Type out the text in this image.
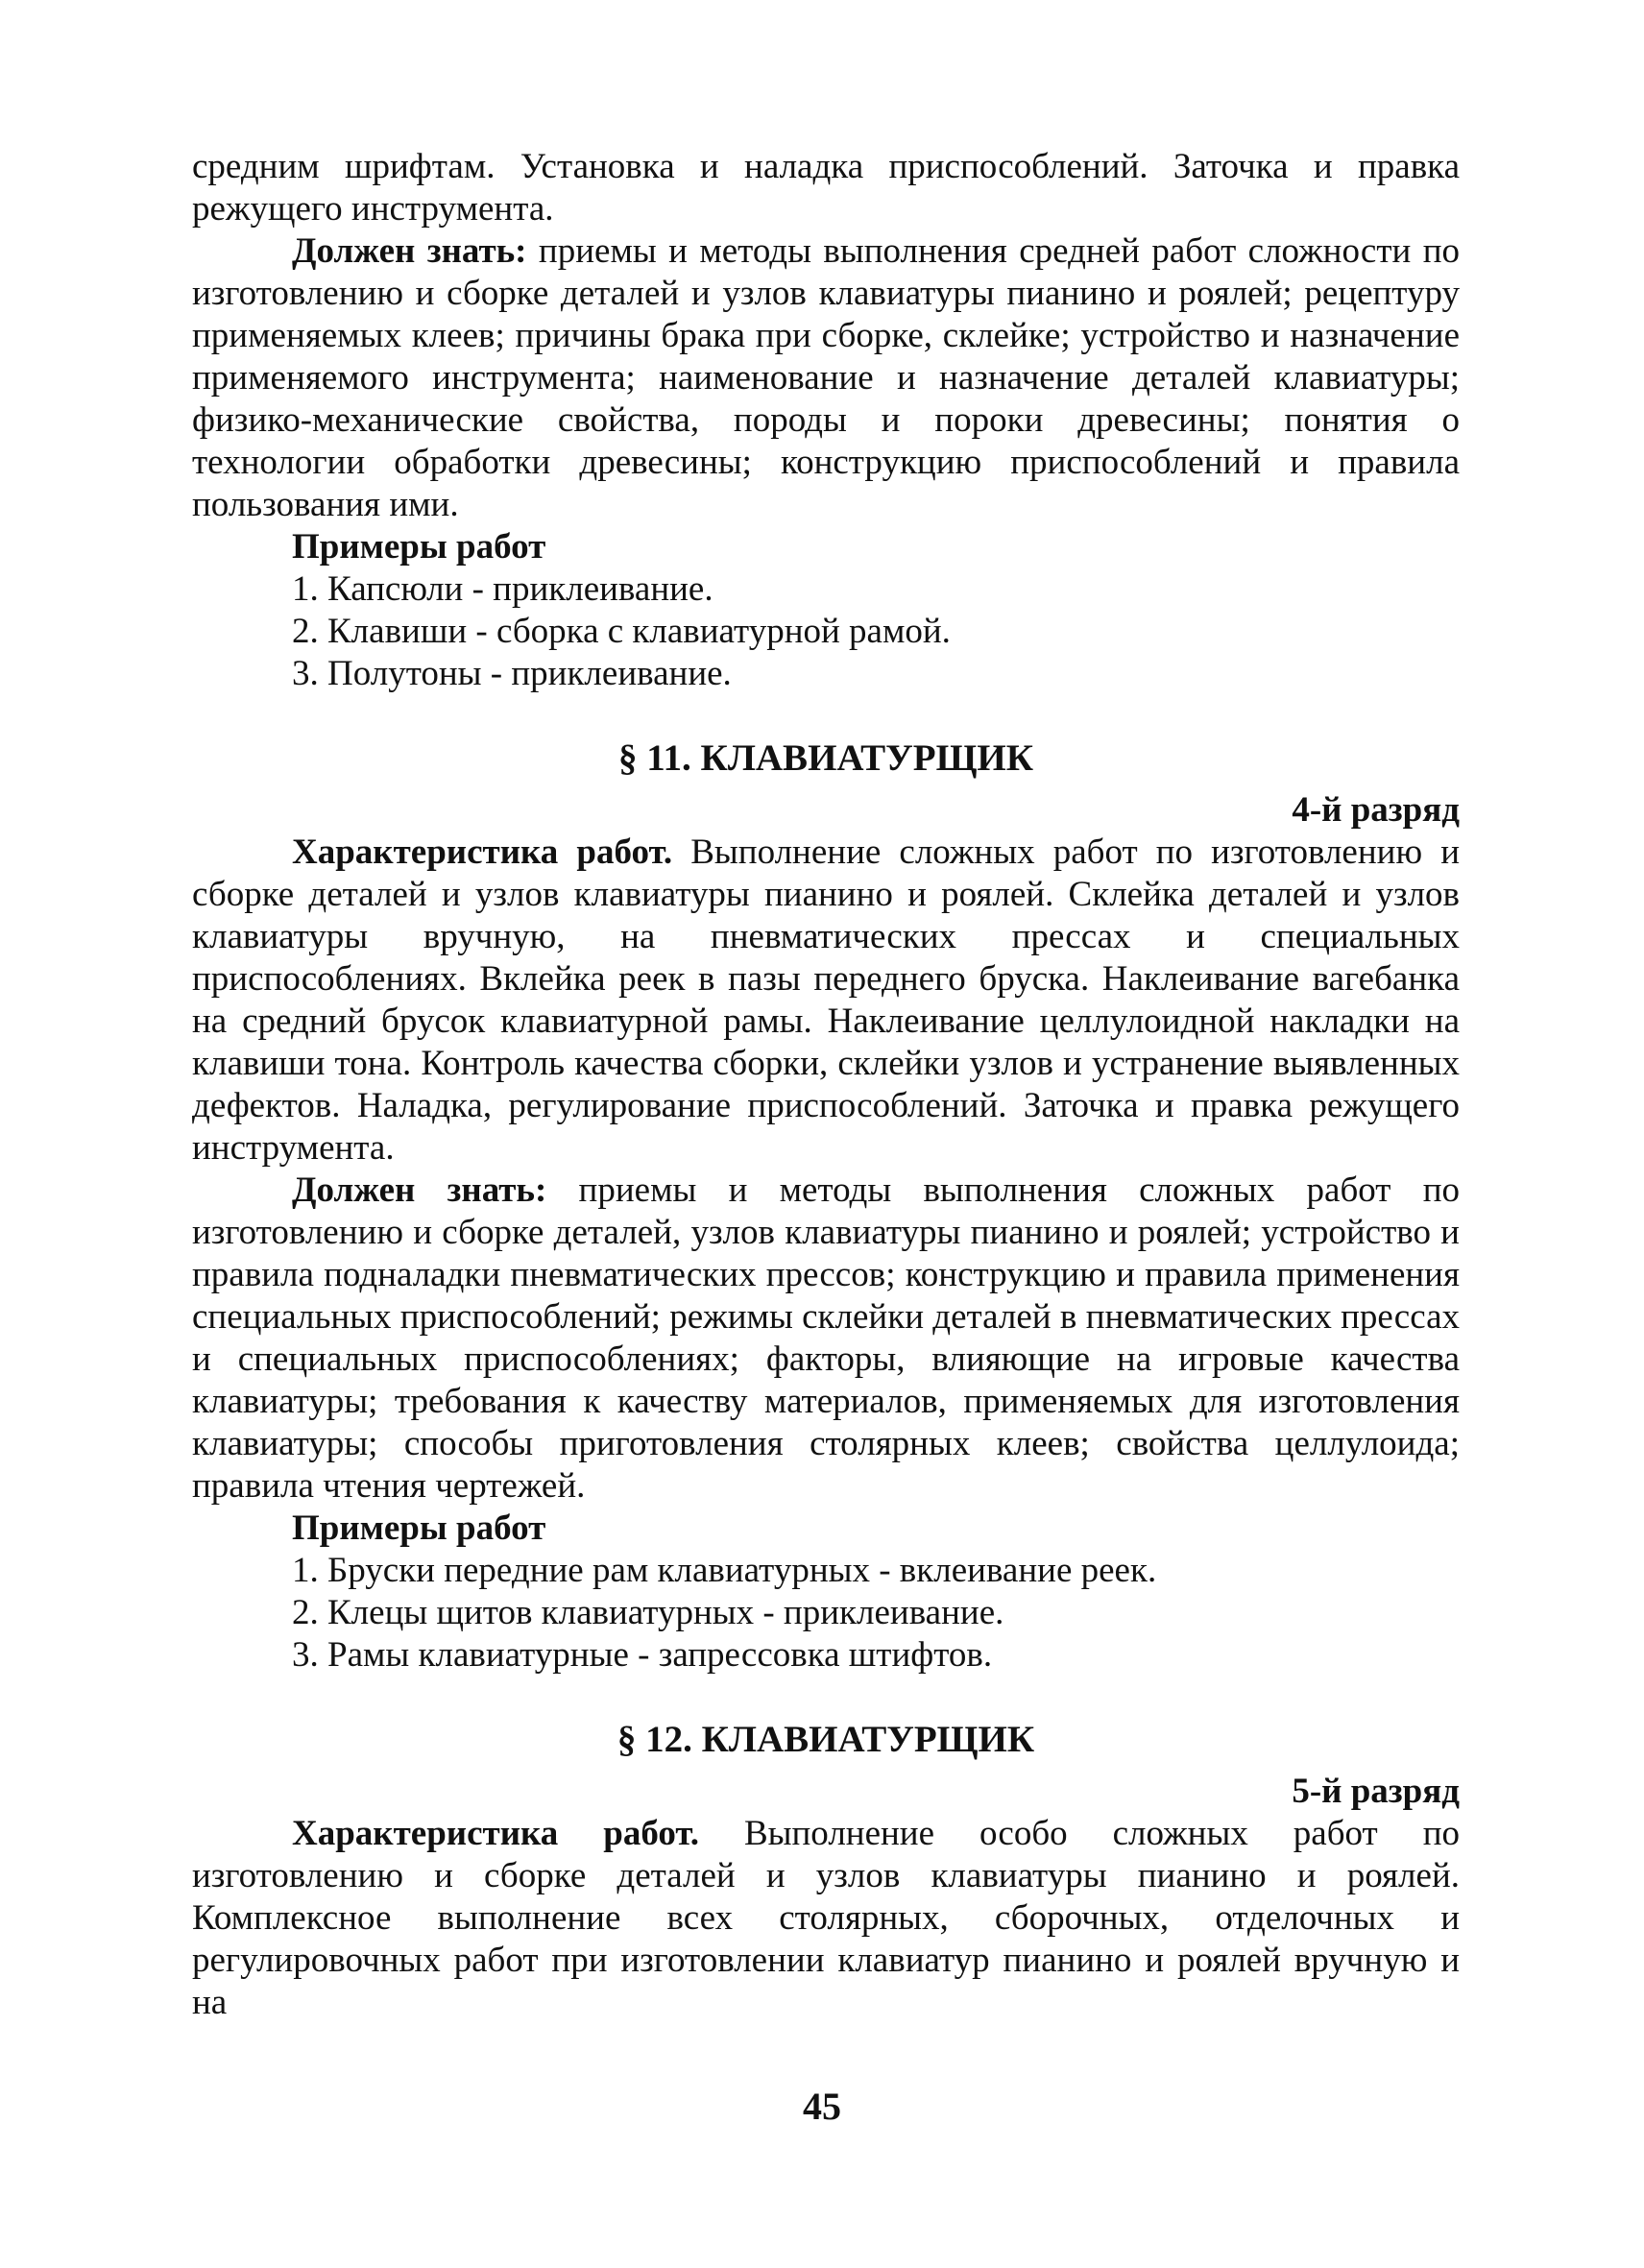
средним шрифтам. Установка и наладка приспособлений. Заточка и правка режущего инструмента.

Должен знать: приемы и методы выполнения средней работ сложности по изготовлению и сборке деталей и узлов клавиатуры пианино и роялей; рецептуру применяемых клеев; причины брака при сборке, склейке; устройство и назначение применяемого инструмента; наименование и назначение деталей клавиатуры; физико-механические свойства, породы и пороки древесины; понятия о технологии обработки древесины; конструкцию приспособлений и правила пользования ими.

Примеры работ

1. Капсюли - приклеивание.
2. Клавиши - сборка с клавиатурной рамой.
3. Полутоны - приклеивание.
§ 11. КЛАВИАТУРЩИК

4-й разряд

Характеристика работ. Выполнение сложных работ по изготовлению и сборке деталей и узлов клавиатуры пианино и роялей. Склейка деталей и узлов клавиатуры вручную, на пневматических прессах и специальных приспособлениях. Вклейка реек в пазы переднего бруска. Наклеивание вагебанка на средний брусок клавиатурной рамы. Наклеивание целлулоидной накладки на клавиши тона. Контроль качества сборки, склейки узлов и устранение выявленных дефектов. Наладка, регулирование приспособлений. Заточка и правка режущего инструмента.

Должен знать: приемы и методы выполнения сложных работ по изготовлению и сборке деталей, узлов клавиатуры пианино и роялей; устройство и правила подналадки пневматических прессов; конструкцию и правила применения специальных приспособлений; режимы склейки деталей в пневматических прессах и специальных приспособлениях; факторы, влияющие на игровые качества клавиатуры; требования к качеству материалов, применяемых для изготовления клавиатуры; способы приготовления столярных клеев; свойства целлулоида; правила чтения чертежей.

Примеры работ

1. Бруски передние рам клавиатурных - вклеивание реек.
2. Клецы щитов клавиатурных - приклеивание.
3. Рамы клавиатурные - запрессовка штифтов.
§ 12. КЛАВИАТУРЩИК

5-й разряд

Характеристика работ. Выполнение особо сложных работ по изготовлению и сборке деталей и узлов клавиатуры пианино и роялей. Комплексное выполнение всех столярных, сборочных, отделочных и регулировочных работ при изготовлении клавиатур пианино и роялей вручную и на

45
